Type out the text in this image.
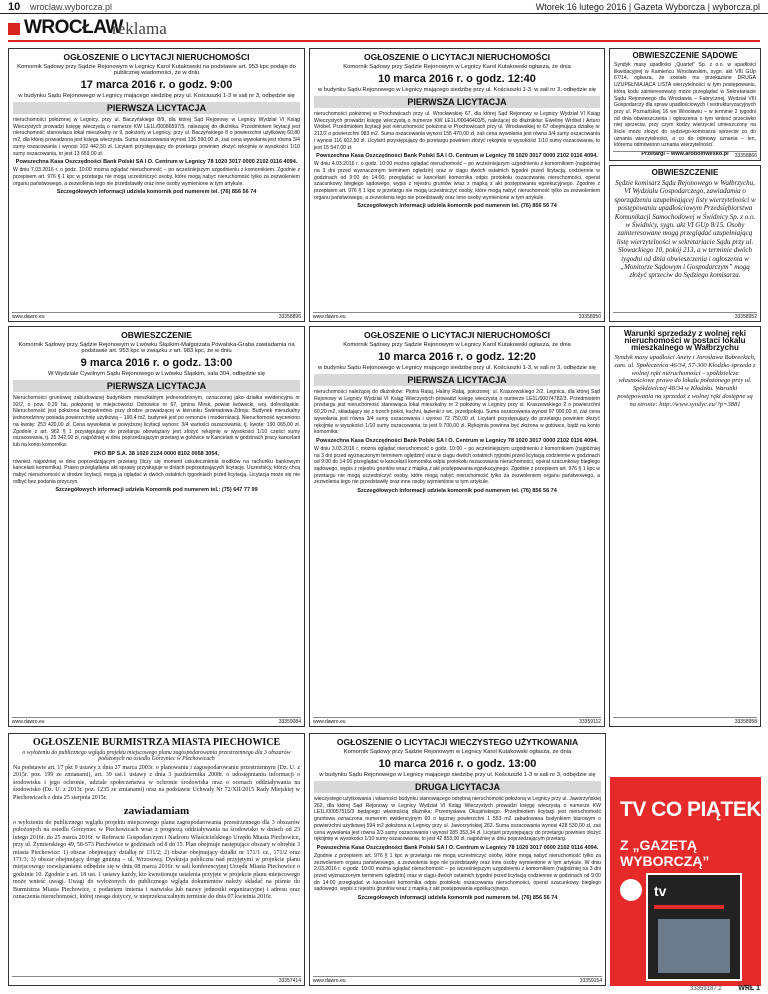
10 wroclaw.wyborcza.pl	Wtorek 16 lutego 2016 | Gazeta Wyborcza | wyborcza.pl
WROCŁAW
reklama
OGŁOSZENIE O LICYTACJI NIERUCHOMOŚCI
Komornik Sądowy przy Sądzie Rejonowym w Legnicy Karol Kutakowski na podstawie art. 953 kpc podaje do publicznej wiadomości, że w dniu
17 marca 2016 r. o godz. 9:00
w budynku Sądu Rejonowego w Legnicy mającego siedzibę przy ul. Kościuszki 1-3 w sali nr 3, odbędzie się
PIERWSZA LICYTACJA
nieruchomości położonej w Legnicy, przy ul. Baczyńskiego 8/9, dla której Sąd Rejonowy w Legnicy Wydział VI Ksiąg Wieczystych prowadzi księgę wieczystą o numerze KW LE1L/00086597/5, należącej do dłużnika. Przedmiotem licytacji jest nieruchomość stanowiąca lokal mieszkalny nr 9, położony w Legnicy, przy ul. Baczyńskiego 8 o powierzchni użytkowej 60,80 m2, dla której prowadzona jest księga wieczysta. Suma oszacowania wynosi 136 590,00 zł, zaś cena wywołania jest równa 3/4 sumy oszacowania i wynosi 102 442,50 zł. Licytant przystępujący do przetargu powinien złożyć rękojmię w wysokości 1/10 sumy oszacowania, to jest 13 659,00 zł.
Powszechna Kasa Oszczędności Bank Polski SA I O. Centrum w Legnicy 78 1020 3017 0000 2102 0116 4094.
W dniu 7.03.2016 r. o godz. 10:00 można oglądać nieruchomość – po wcześniejszym uzgodnieniu z komornikiem. Zgodnie z przepisem art. 976 § 1 kpc w przetargu nie mogą uczestniczyć osoby, które mogą nabyć nieruchomość tylko za zezwoleniem organu państwowego, a zezwolenia tego nie przedstawiły oraz inne osoby wymienione w tym artykule.
Szczegółowych informacji udziela komornik pod numerem tel. (76) 856 56 74
www.dawro.eu	33358896
OGŁOSZENIE O LICYTACJI NIERUCHOMOŚCI
Komornik Sądowy przy Sądzie Rejonowym w Legnicy Karol Kutakowski ogłasza, że dnia
10 marca 2016 r. o godz. 12:40
w budynku Sądu Rejonowego w Legnicy mającego siedzibę przy ul. Kościuszki 1-3, w sali nr 3, odbędzie się
PIERWSZA LICYTACJA
nieruchomości położonej w Prochowicach przy ul. Wrocławskiej 67, dla której Sąd Rejonowy w Legnicy Wydział VI Ksiąg Wieczystych prowadzi księgę wieczystą o numerze KW LE1L/00046403/5, należącej do dłużników: Ewelinę Wróbel i Arturo Wróbel. Przedmiotem licytacji jest nieruchomość położona w Prochowicach przy ul. Wrocławskiej nr 67 obejmująca działkę nr 212/2 o powierzchni 983 m2. Suma oszacowania wynosi 155 470,00 zł, zaś cena wywołania jest równa 3/4 sumy oszacowania i wynosi 116 602,50 zł. Licytant przystępujący do przetargu powinien złożyć rękojmię w wysokości 1/10 sumy oszacowania, to jest 15 547,00 zł.
Powszechna Kasa Oszczędności Bank Polski SA I O. Centrum w Legnicy 78 1020 3017 0000 2102 0116 4094.
W dniu 4.03.2016 r. o godz. 10:00 można oglądać nieruchomość – po wcześniejszym uzgodnieniu z komornikiem (najpóźniej na 3 dni przed wyznaczonym terminem oględzin) oraz w ciągu dwóch ostatnich tygodni przed licytacją, codziennie w godzinach od 9:00 do 14:00, przeglądać w kancelarii komornika odpis protokołu oszacowania nieruchomości, operat szacunkowy biegłego sądowego, wypis z rejestru gruntów wraz z mapką z akt postępowania egzekucyjnego. Zgodnie z przepisem art. 976 § 1 kpc w przetargu nie mogą uczestniczyć osoby, które mogą nabyć nieruchomość tylko za zezwoleniem organu państwowego, a zezwolenia tego nie przedstawiły oraz inne osoby wymienione w tym artykule.
Szczegółowych informacji udziela komornik pod numerem tel. (76) 856 56 74
www.dawro.eu	33358950
OBWIESZCZENIE SĄDOWE
Syndyk masy upadłości „Quartet” Sp. z o.o. w upadłości likwidacyjnej w Kamieńcu Wrocławskim, sygn. akt VIII GUp 67/14, ogłasza, że zostało mu przekazane DRUGA UZUPEŁNIAJĄCA LISTA wierzytelności w tym postępowaniu, którą kodu zainteresowany może przeglądać w Sekretariacie Sądu Rejonowego dla Wrocławia – Fabrycznej, Wydział VIII Gospodarczy dla spraw upadłościowych i restrukturyzacyjnych przy ul. Poznańskiej 16 we Wrocławiu – w terminie 2 tygodni od dnia obwieszczenia i ogłoszenia o tym wniesć przeciwko niej sprzeciw, przy czym kodzy wierzyciel umieszczony na liście może złożyć do sędziego-komisarza sprzeciw co do uznania wierzytelności, a co do odmowy uznania – ten, któremu odmówiono uznania wierzytelności.
Przetargi – www.aroboinwesko.pl	33358866
OBWIESZCZENIE
Sędzie komisarz Sądu Rejonowego w Wałbrzychu, VI Wydziału Gospodarczego, zawiadamia o sporządzeniu uzupełniającej listy wierzytelności w postępowaniu upadłościowym Przedsiębiorstwa Komunikacji Samochodowej w Świdnicy Sp. z o.o. w Świdnicy, sygn. akt VI GUp 8/15. Osoby zainteresowane mogą przeglądać uzupełniającą listę wierzytelności w sekretariacie Sądu przy ul. Słowackiego 10, pokój 213, a w terminie dwóch tygodni od dnia obwieszczenia i ogłoszenia w „Monitorze Sądowym i Gospodarczym” mogą złożyć sprzeciw do Sędziego komisarza.
33358952
OBWIESZCZENIE
Komornik Sądowy przy Sądzie Rejonowym w Lwówku Śląskim-Małgorzata Powalska-Graba zawiadamia na podstawie art. 953 kpc w związku z art. 983 kpc, że w dniu
9 marca 2016 r. o godz. 13:00
W Wydziale Cywilnym Sądu Rejonowego w Lwówku Śląskim, sala 304, odbędzie się
PIERWSZA LICYTACJA
Nieruchomości gruntowej zabudowanej budynkiem mieszkalnym jednorodzinnym, oznaczonej jako działka ewidencyjna nr 92/2, o pow. 0,29 ha, położonej w miejscowości Ostrowice nr 67, gmina Mirsk, powiat lwówecki, woj. dolnośląskie. Nieruchomość jest położona bezpośrednio przy drodze prowadzącej w kierunku Świeradowa-Zdroju. Budynek mieszkalny jednorodzinny posiada powierzchnię użytkową – 190,4 m2, budynek jest po remoncie i modernizacji. Nieruchomość wyceniono na kwotę: 253 420,00 zł. Cena wywołania w powyższej licytacji wynosi: 3/4 wartości oszacowania, tj. kwotę: 190 065,00 zł. Zgodnie z art. 962 § 1 przystępujący do przetargu obowiązany jest złożyć rękojmię w wysokości 1/10 części sumy oszacowania, tj. 25 342,00 zł, najpóźniej w dniu poprzedzającym przetarg w gotówce w Kancelarii w godzinach pracy kancelarii lub na konto komornika:
PKO BP S.A. 38 1020 2124 0000 8102 0058 3054,
również najpóźniej w dniu poprzedzającym przetarg (liczy się moment uskutecznienia środków na rachunku bankowym kancelarii komornika). Prawo przeglądania akt sprawy przysługuje w dniach poprzedzających licytację. Uczestnicy, którzy chcą nabyć nieruchomość w drodze licytacji, mogą ją oglądać w dwóch ostatnich tygodniach przed licytacją. Licytacja może się nie odbyć bez podania przyczyn.
Szczegółowych informacji udziela Komornik pod numerem tel.: (75) 647 77 99
www.dawro.eu	33359084
OGŁOSZENIE O LICYTACJI NIERUCHOMOŚCI
Komornik Sądowy przy Sądzie Rejonowym w Legnicy Karol Kutakowski ogłasza, że dnia
10 marca 2016 r. o godz. 12:20
w budynku Sądu Rejonowego w Legnicy mającego siedzibę przy ul. Kościuszki 1-3, w sali nr 3, odbędzie się
PIERWSZA LICYTACJA
nieruchomości należącej do dłużników: Piotra Rataj, Haliny Rataj, położonej: ul. Kraszewskiego 2/2, Legnica, dla której Sąd Rejonowy w Legnicy Wydział VI Ksiąg Wieczystych prowadzi księgę wieczystą o numerze LE1L/00074782/3. Przedmiotem przetargu jest nieruchomość stanowiąca lokal mieszkalny nr 2 położony w Legnicy przy ul. Kraszewskiego 2 o powierzchni 60,20 m2, składający się z trzech pokoi, kuchni, łazienki z wc, przedpokoju. Suma oszacowania wynosi 97 000,00 zł, zaś cena wywołania jest równa 3/4 sumy oszacowania i wynosi 72 750,00 zł. Licytant przystępujący do przetargu powinien złożyć rękojmię w wysokości 1/10 sumy oszacowania, to jest 9 700,00 zł. Rękojmia powinna być złożona w gotówce, bądź na konto komornika:
Powszechna Kasa Oszczędności Bank Polski SA I O. Centrum w Legnicy 78 1020 3017 0000 2102 0116 4094.
W dniu 3.03.2016 r. można oglądać nieruchomość o godz. 10:00 – po wcześniejszym uzgodnieniu z komornikiem (najpóźniej na 3 dni przed wyznaczonym terminem oględzin) oraz w ciągu dwóch ostatnich tygodni przed licytacją codziennie w godzinach od 9:00 do 14:00 przeglądać w kancelarii komornika odpis protokołu oszacowania nieruchomości, operat szacunkowy biegłego sądowego, wypis z rejestru gruntów wraz z mapką z akt postępowania egzekucyjnego. Zgodnie z przepisem art. 976 § 1 kpc w przetargu nie mogą uczestniczyć osoby, które mogą nabyć nieruchomość tylko za zezwoleniem organu państwowego, a zezwolenia tego nie przedstawiły oraz inne osoby wymienione w tym artykule.
Szczegółowych informacji udziela komornik pod numerem tel. (76) 856 56 74
www.dawro.eu	33359112
Warunki sprzedaży z wolnej ręki nieruchomości w postaci lokalu mieszkalnego w Wałbrzychu
Syndyk masy upadłości Anety i Jarosława Babreckich, zam. ul. Społeczeńca 46/34, 57-300 Kłodzko sprzeda z wolnej ręki nieruchomości – spółdzielcze własnościowe prawo do lokalu położonego przy ul. Spółdzielczej 48/34 w Kłodzku. Warunki postępowania na sprzedaż z wolnej ręki dostępne są na stronie: http://www.syndyc.eu/?p=3881
33358958
OGŁOSZENIE BURMISTRZA MIASTA PIECHOWICE
o wyłożeniu do publicznego wglądu projektu miejscowego planu zagospodarowania przestrzennego dla 3 obszarów położonych na osiedlu Górzyniec w Piechowicach
Na podstawie art. 17 pkt 9 ustawy z dnia 27 marca 2003r. o planowaniu i zagospodarowaniu przestrzennym (Dz. U. z 2015r. poz. 199 ze zmianami), art. 39 ust.1 ustawy z dnia 3 października 2008r. o udostępnianiu informacji o środowisku i jego ochronie, udziale społeczeństwa w ochronie środowiska oraz o ocenach oddziaływania na środowisko (Dz. U. z 2013r. poz. 1235 ze zmianami) oraz na podstawie Uchwały Nr 72/XII/2015 Rady Miejskiej w Piechowicach z dnia 25 sierpnia 2015r.
zawiadamiam
o wyłożeniu do publicznego wglądu projektu miejscowego planu zagospodarowania przestrzennego dla 3 obszarów położonych na osiedlu Górzyniec w Piechowicach wraz z prognozą oddziaływania na środowisko w dniach od 23 lutego 2016r. do 25 marca 2016r. w Referacie Gospodarczym i Nadzoru Właścicielskiego Urzędu Miasta Piechowice, przy ul. Żymierskiego 49, 58-573 Piechowice w godzinach od 8 do 15. Plan obejmuje następujące obszary w obrębie 3 miasta Piechowice: 1) obszar obejmujący działkę nr 131/2; 2) obszar obejmujący działki nr 171/1 cz., 171/2 oraz 171/3; 3) obszar obejmujący drogę gminną – ul. Wrzosową. Dyskusja publiczna nad przyjętymi w projekcie planu miejscowego rozwiązaniami odbędzie się w dniu 08 marca 2016r. w sali konferencyjnej Urzędu Miasta Piechowice o godzinie 10. Zgodnie z art. 18 ust. 1 ustawy każdy, kto kwestionuje ustalenia przyjęte w projekcie planu miejscowego może wnieść uwagi. Uwagi do wyłożonych do publicznego wglądu dokumentów należy składać na piśmie do Burmistrza Miasta Piechowice, z podaniem imienia i nazwiska lub nazwy jednostki organizacyjnej i adresu oraz oznaczenia nieruchomości, której uwaga dotyczy, w nieprzekraczalnym terminie do dnia 07 kwietnia 2016r.
33357414
OGŁOSZENIE O LICYTACJI WIECZYSTEGO UŻYTKOWANIA
Komornik Sądowy przy Sądzie Rejonowym w Legnicy Karol Kutakowski ogłasza, że dnia
10 marca 2016 r. o godz. 13:00
w budynku Sądu Rejonowego w Legnicy mającego siedzibę przy ul. Kościuszki 1-3 w sali nr 3, odbędzie się
DRUGA LICYTACJA
wieczystego użytkowania i własności budynku stanowiącego odrębną nieruchomość położoną w Legnicy przy ul. Jaworzyńskiej 262, dla której Sąd Rejonowy w Legnicy Wydział VI Ksiąg Wieczystych prowadzi księgę wieczystą o numerze KW LE1L/00057515/3 będącego własnością dłużnika: Przemysława Okupińskiego. Przedmiotem licytacji jest nieruchomość gruntowa oznaczona numerem ewidencyjnym 60 o łącznej powierzchni 1 553 m2 zabudowana budynkiem biurowym o powierzchni użytkowej 594 m2 położona w Legnicy przy ul. Jaworzyńskiej 262. Suma oszacowania wynosi 428 530,00 zł, zaś cena wywołania jest równa 2/3 sumy oszacowania i wynosi 285 353,34 zł. Licytant przystępujący do przetargu powinien złożyć rękojmię w wysokości 1/10 sumy oszacowania, to jest 42 853,00 zł, najpóźniej w dniu poprzedzającym przetarg.
Powszechna Kasa Oszczędności Bank Polski SA I O. Centrum w Legnicy 78 1020 3017 0000 2102 0116 4094.
Zgodnie z przepisem art. 976 § 1 kpc w przetargu nie mogą uczestniczyć osoby, które mogą nabyć nieruchomość tylko za zezwoleniem organu państwowego, a zezwolenia tego nie przedstawiły oraz inne osoby wymienione w tym artykule. W dniu 2.03.2016 r. o godz. 10:00 można oglądać nieruchomość – po wcześniejszym uzgodnieniu z komornikiem (najpóźniej na 3 dni przed wyznaczonym terminem oględzin) oraz w ciągu dwóch ostatnich tygodni przed licytacją codziennie w godzinach od 9:00 do 14:00 przeglądać w kancelarii komornika odpis protokołu oszacowania nieruchomości, operat szacunkowy biegłego sądowego, wypis z rejestru gruntów wraz z mapką z akt postępowania egzekucyjnego.
Szczegółowych informacji udziela komornik pod numerem tel. (76) 856 56 74
www.dawro.eu	33359154
TV CO PIĄTEK
Z „GAZETĄ WYBORCZĄ”
tv
33359187.2 WRŁ 1
